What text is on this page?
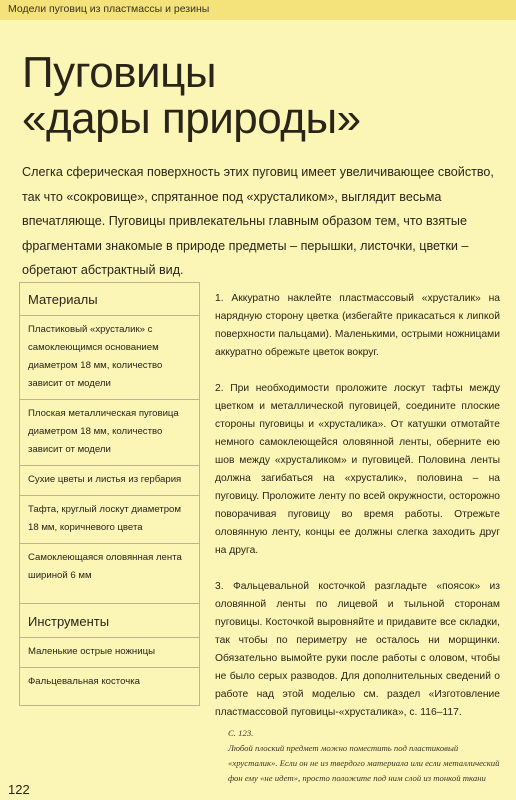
Модели пуговиц из пластмассы и резины
Пуговицы
«дары природы»

Слегка сферическая поверхность этих пуговиц имеет увеличивающее свойство, так что «сокровище», спрятанное под «хрусталиком», выглядит весьма впечатляюще. Пуговицы привлекательны главным образом тем, что взятые фрагментами знакомые в природе предметы – перышки, листочки, цветки – обретают абстрактный вид.

Материалы
Пластиковый «хрусталик» с самоклеющимся основанием диаметром 18 мм, количество зависит от модели
Плоская металлическая пуговица диаметром 18 мм, количество зависит от модели
Сухие цветы и листья из гербария
Тафта, круглый лоскут диаметром 18 мм, коричневого цвета
Самоклеющаяся оловянная лента шириной 6 мм
Инструменты
Маленькие острые ножницы
Фальцевальная косточка

1. Аккуратно наклейте пластмассовый «хрусталик» на нарядную сторону цветка (избегайте прикасаться к липкой поверхности пальцами). Маленькими, острыми ножницами аккуратно обрежьте цветок вокруг.

2. При необходимости проложите лоскут тафты между цветком и металлической пуговицей, соедините плоские стороны пуговицы и «хрусталика». От катушки отмотайте немного самоклеющейся оловянной ленты, оберните ею шов между «хрусталиком» и пуговицей. Половина ленты должна загибаться на «хрусталик», половина – на пуговицу. Проложите ленту по всей окружности, осторожно поворачивая пуговицу во время работы. Отрежьте оловянную ленту, концы ее должны слегка заходить друг на друга.

3. Фальцевальной косточкой разгладьте «поясок» из оловянной ленты по лицевой и тыльной сторонам пуговицы. Косточкой выровняйте и придавите все складки, так чтобы по периметру не осталось ни морщинки. Обязательно вымойте руки после работы с оловом, чтобы не было серых разводов. Для дополнительных сведений о работе над этой моделью см. раздел «Изготовление пластмассовой пуговицы-«хрусталика», с. 116–117.

С. 123.
Любой плоский предмет можно поместить под пластиковый «хрусталик». Если он не из твердого материала или если металлический фон ему «не идет», просто положите под ним слой из тонкой ткани
122
